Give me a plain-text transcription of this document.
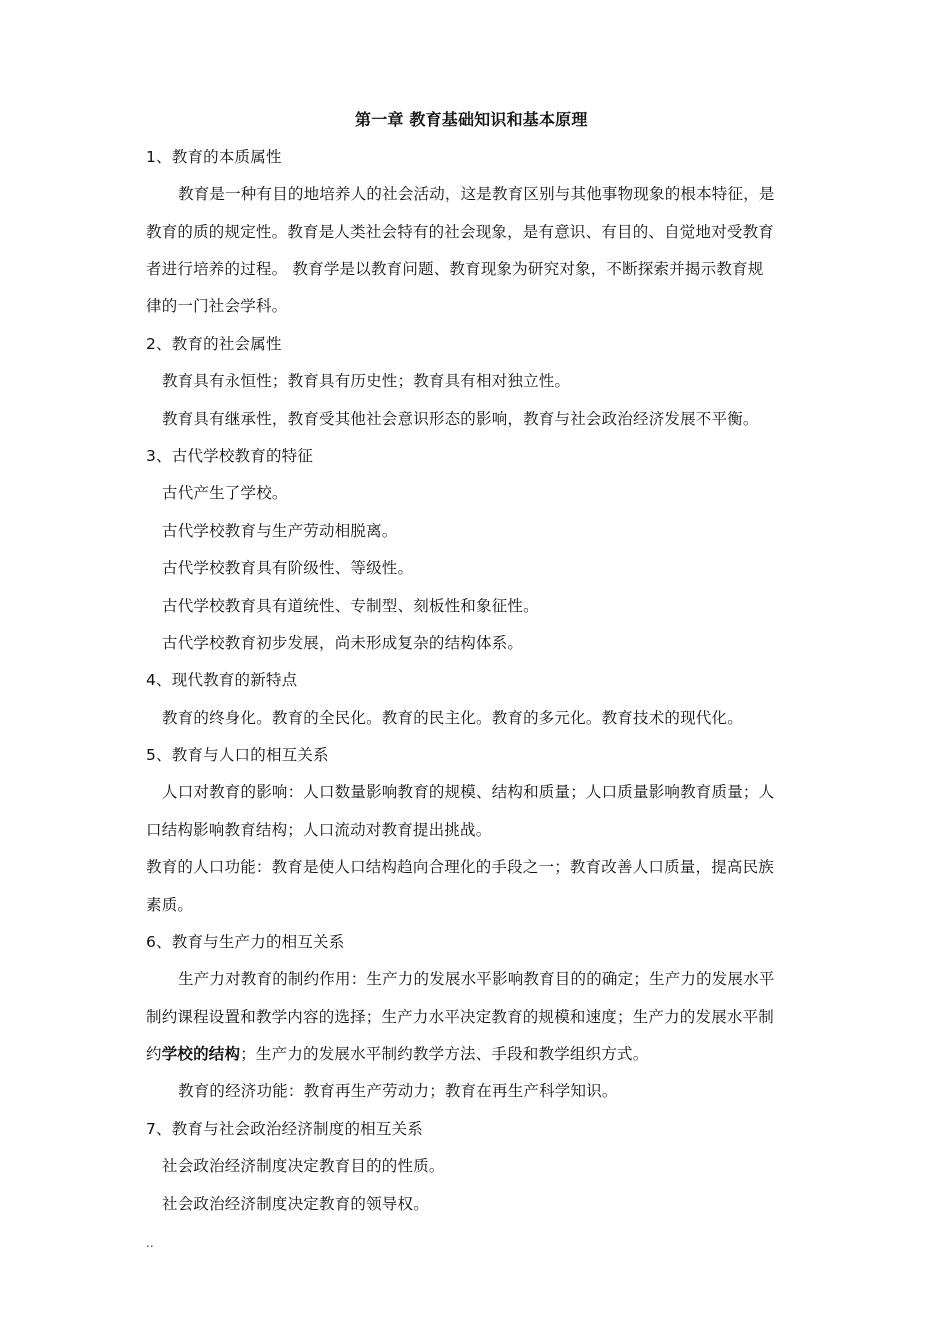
第一章 教育基础知识和基本原理
1、教育的本质属性
教育是一种有目的地培养人的社会活动，这是教育区别与其他事物现象的根本特征，是
教育的质的规定性。教育是人类社会特有的社会现象，是有意识、有目的、自觉地对受教育
者进行培养的过程。 教育学是以教育问题、教育现象为研究对象，不断探索并揭示教育规
律的一门社会学科。
2、教育的社会属性
教育具有永恒性；教育具有历史性；教育具有相对独立性。
教育具有继承性，教育受其他社会意识形态的影响，教育与社会政治经济发展不平衡。
3、古代学校教育的特征
古代产生了学校。
古代学校教育与生产劳动相脱离。
古代学校教育具有阶级性、等级性。
古代学校教育具有道统性、专制型、刻板性和象征性。
古代学校教育初步发展，尚未形成复杂的结构体系。
4、现代教育的新特点
教育的终身化。教育的全民化。教育的民主化。教育的多元化。教育技术的现代化。
5、教育与人口的相互关系
人口对教育的影响：人口数量影响教育的规模、结构和质量；人口质量影响教育质量；人
口结构影响教育结构；人口流动对教育提出挑战。
教育的人口功能：教育是使人口结构趋向合理化的手段之一；教育改善人口质量，提高民族
素质。
6、教育与生产力的相互关系
生产力对教育的制约作用：生产力的发展水平影响教育目的的确定；生产力的发展水平
制约课程设置和教学内容的选择；生产力水平决定教育的规模和速度；生产力的发展水平制
约学校的结构；生产力的发展水平制约教学方法、手段和教学组织方式。
教育的经济功能：教育再生产劳动力；教育在再生产科学知识。
7、教育与社会政治经济制度的相互关系
社会政治经济制度决定教育目的的性质。
社会政治经济制度决定教育的领导权。
..
